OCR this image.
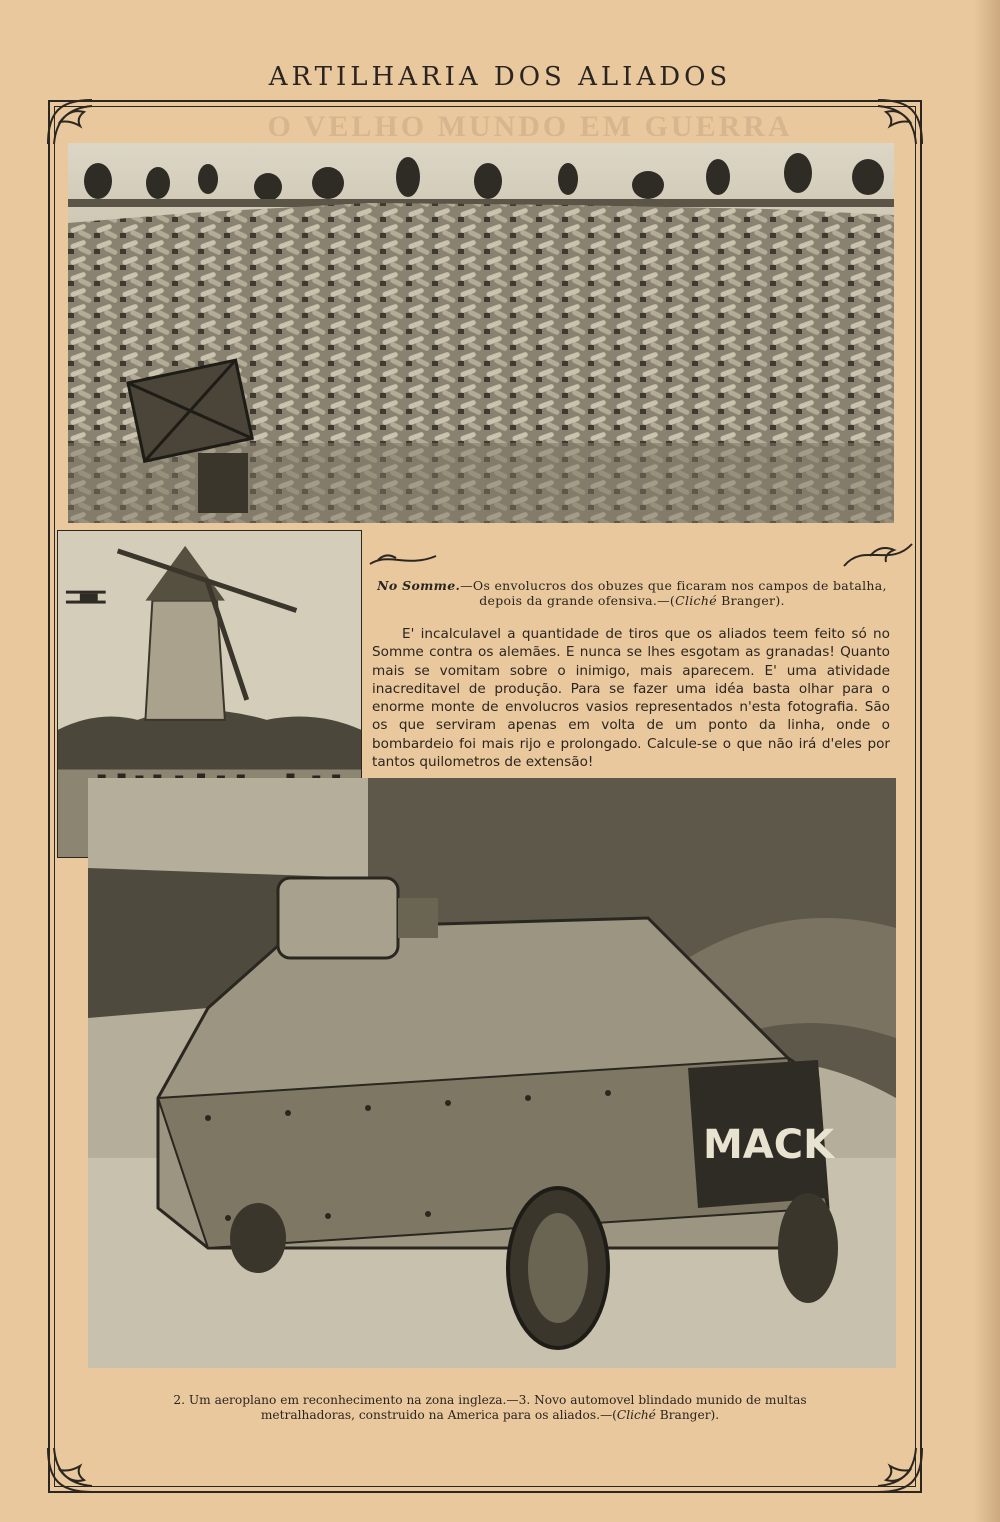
O VELHO MUNDO EM GUERRA
ARTILHARIA DOS ALIADOS
MACK
No Somme.—Os envolucros dos obuzes que ficaram nos campos de batalha, depois da grande ofensiva.—(Cliché Branger).

E' incalculavel a quantidade de tiros que os aliados teem feito só no Somme contra os alemães. E nunca se lhes esgotam as granadas! Quanto mais se vomitam sobre o inimigo, mais aparecem. E' uma atividade inacreditavel de produção. Para se fazer uma idéa basta olhar para o enorme monte de envolucros vasios representados n'esta fotografia. São os que serviram apenas em volta de um ponto da linha, onde o bombardeio foi mais rijo e prolongado. Calcule-se o que não irá d'eles por tantos quilometros de extensão!

2. Um aeroplano em reconhecimento na zona ingleza.—3. Novo automovel blindado munido de multas metralhadoras, construido na America para os aliados.—(Cliché Branger).
